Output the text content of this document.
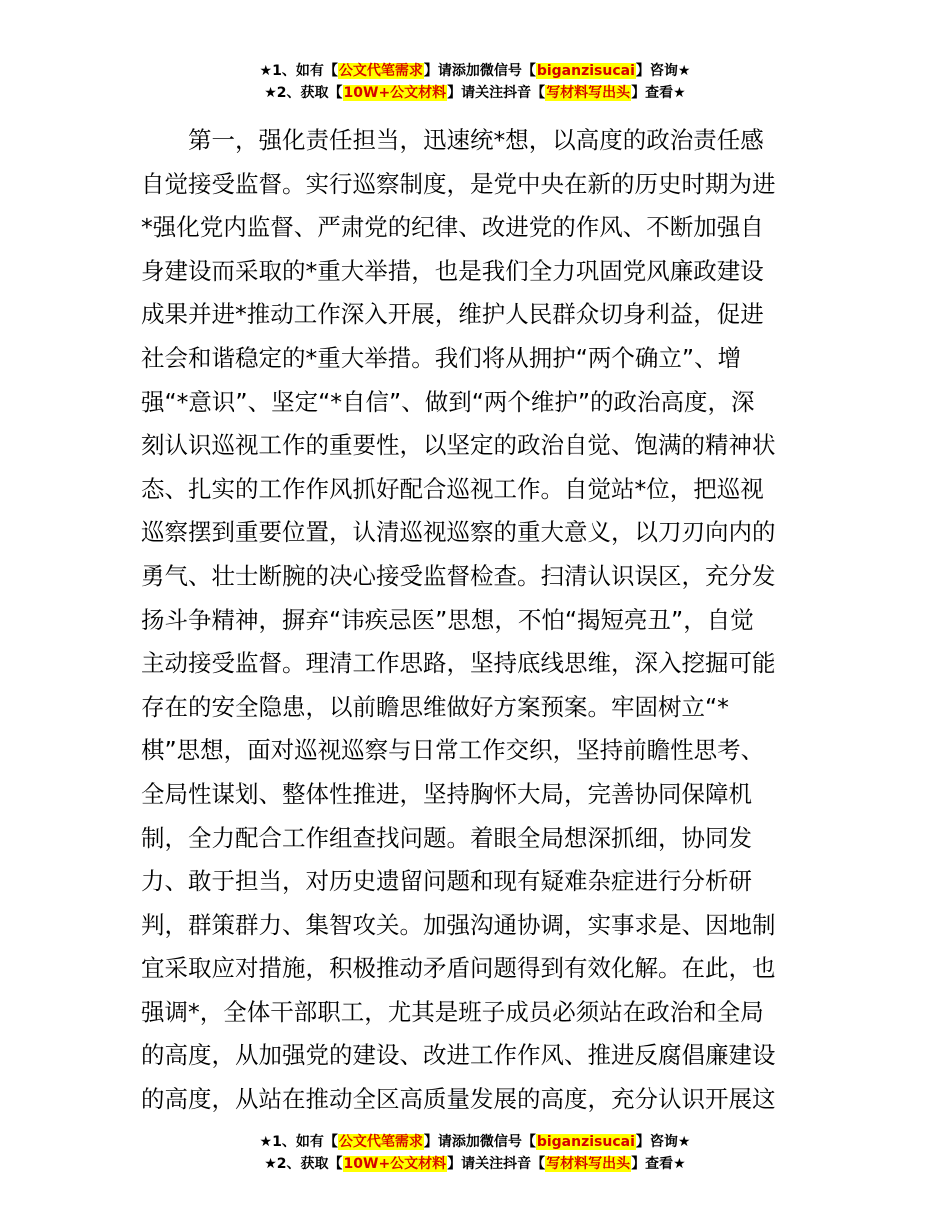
★1、如有【公文代笔需求】请添加微信号【biganzisucai】咨询★
★2、获取【10W+公文材料】请关注抖音【写材料写出头】查看★
　　第一，强化责任担当，迅速统*想，以高度的政治责任感
自觉接受监督。实行巡察制度，是党中央在新的历史时期为进
*强化党内监督、严肃党的纪律、改进党的作风、不断加强自
身建设而采取的*重大举措，也是我们全力巩固党风廉政建设
成果并进*推动工作深入开展，维护人民群众切身利益，促进
社会和谐稳定的*重大举措。我们将从拥护“两个确立”、增
强“*意识”、坚定“*自信”、做到“两个维护”的政治高度，深
刻认识巡视工作的重要性，以坚定的政治自觉、饱满的精神状
态、扎实的工作作风抓好配合巡视工作。自觉站*位，把巡视
巡察摆到重要位置，认清巡视巡察的重大意义，以刀刃向内的
勇气、壮士断腕的决心接受监督检查。扫清认识误区，充分发
扬斗争精神，摒弃“讳疾忌医”思想，不怕“揭短亮丑”，自觉
主动接受监督。理清工作思路，坚持底线思维，深入挖掘可能
存在的安全隐患，以前瞻思维做好方案预案。牢固树立“*
棋”思想，面对巡视巡察与日常工作交织，坚持前瞻性思考、
全局性谋划、整体性推进，坚持胸怀大局，完善协同保障机
制，全力配合工作组查找问题。着眼全局想深抓细，协同发
力、敢于担当，对历史遗留问题和现有疑难杂症进行分析研
判，群策群力、集智攻关。加强沟通协调，实事求是、因地制
宜采取应对措施，积极推动矛盾问题得到有效化解。在此，也
强调*，全体干部职工，尤其是班子成员必须站在政治和全局
的高度，从加强党的建设、改进工作作风、推进反腐倡廉建设
的高度，从站在推动全区高质量发展的高度，充分认识开展这
★1、如有【公文代笔需求】请添加微信号【biganzisucai】咨询★
★2、获取【10W+公文材料】请关注抖音【写材料写出头】查看★
